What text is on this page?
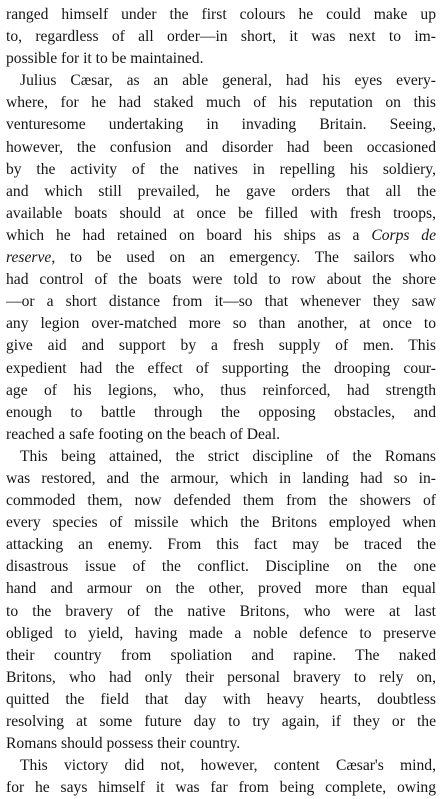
ranged himself under the first colours he could make up
to, regardless of all order—in short, it was next to im-
possible for it to be maintained.
Julius Cæsar, as an able general, had his eyes every-
where, for he had staked much of his reputation on this
venturesome undertaking in invading Britain. Seeing,
however, the confusion and disorder had been occasioned
by the activity of the natives in repelling his soldiery,
and which still prevailed, he gave orders that all the
available boats should at once be filled with fresh troops,
which he had retained on board his ships as a Corps de
reserve, to be used on an emergency. The sailors who
had control of the boats were told to row about the shore
—or a short distance from it—so that whenever they saw
any legion over-matched more so than another, at once to
give aid and support by a fresh supply of men. This
expedient had the effect of supporting the drooping cour-
age of his legions, who, thus reinforced, had strength
enough to battle through the opposing obstacles, and
reached a safe footing on the beach of Deal.
This being attained, the strict discipline of the Romans
was restored, and the armour, which in landing had so in-
commoded them, now defended them from the showers of
every species of missile which the Britons employed when
attacking an enemy. From this fact may be traced the
disastrous issue of the conflict. Discipline on the one
hand and armour on the other, proved more than equal
to the bravery of the native Britons, who were at last
obliged to yield, having made a noble defence to preserve
their country from spoliation and rapine. The naked
Britons, who had only their personal bravery to rely on,
quitted the field that day with heavy hearts, doubtless
resolving at some future day to try again, if they or the
Romans should possess their country.
This victory did not, however, content Cæsar's mind,
for he says himself it was far from being complete, owing
